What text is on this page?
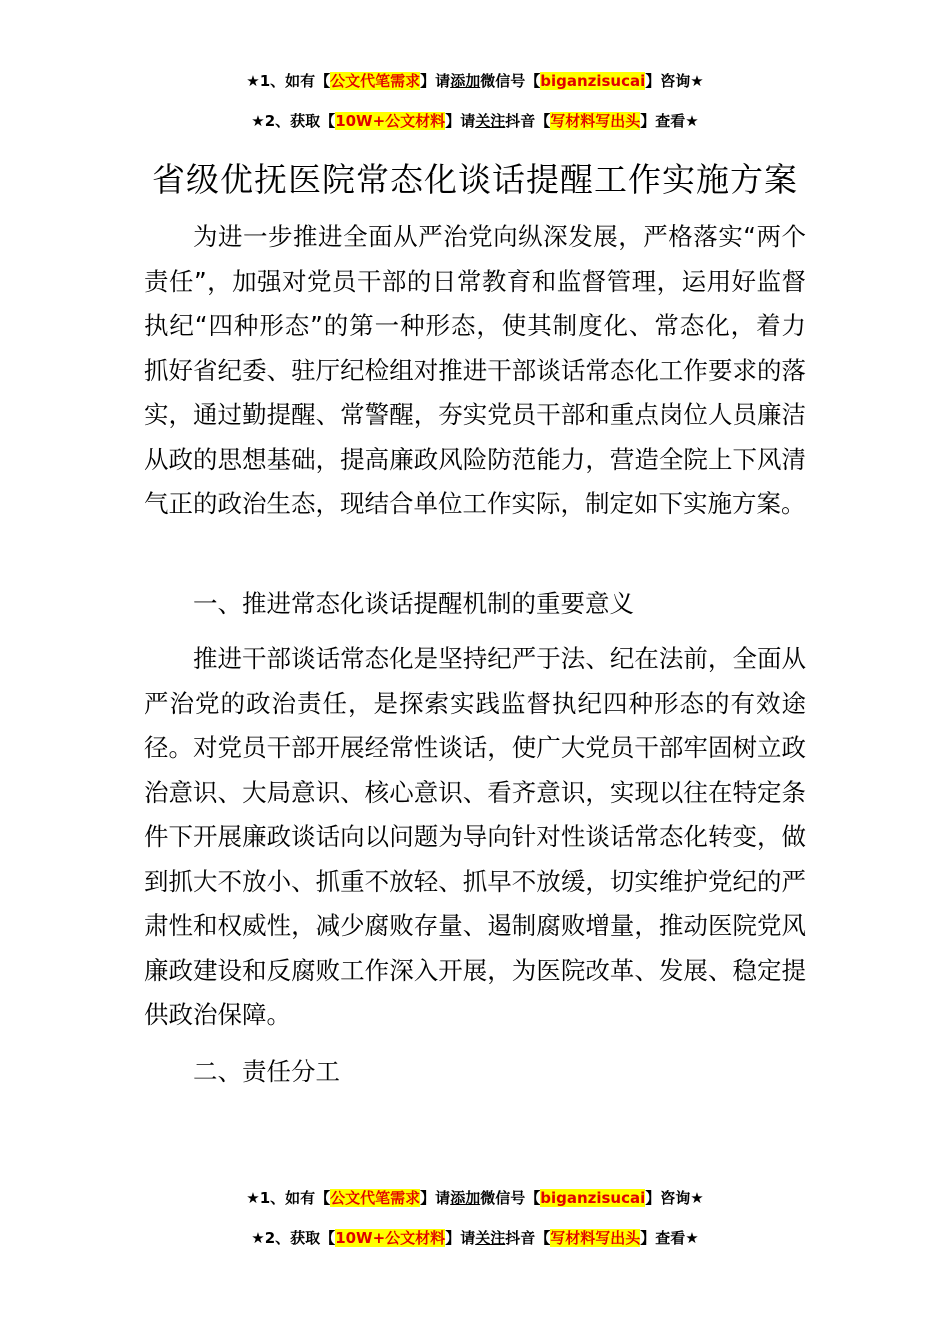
★1、如有【公文代笔需求】请添加微信号【biganzisucai】咨询★
★2、获取【10W+公文材料】请关注抖音【写材料写出头】查看★
省级优抚医院常态化谈话提醒工作实施方案

为进一步推进全面从严治党向纵深发展，严格落实“两个责任”，加强对党员干部的日常教育和监督管理，运用好监督执纪“四种形态”的第一种形态，使其制度化、常态化，着力抓好省纪委、驻厅纪检组对推进干部谈话常态化工作要求的落实，通过勤提醒、常警醒，夯实党员干部和重点岗位人员廉洁从政的思想基础，提高廉政风险防范能力，营造全院上下风清气正的政治生态，现结合单位工作实际，制定如下实施方案。

一、推进常态化谈话提醒机制的重要意义

推进干部谈话常态化是坚持纪严于法、纪在法前，全面从严治党的政治责任，是探索实践监督执纪四种形态的有效途径。对党员干部开展经常性谈话，使广大党员干部牢固树立政治意识、大局意识、核心意识、看齐意识，实现以往在特定条件下开展廉政谈话向以问题为导向针对性谈话常态化转变，做到抓大不放小、抓重不放轻、抓早不放缓，切实维护党纪的严肃性和权威性，减少腐败存量、遏制腐败增量，推动医院党风廉政建设和反腐败工作深入开展，为医院改革、发展、稳定提供政治保障。

二、责任分工

★1、如有【公文代笔需求】请添加微信号【biganzisucai】咨询★
★2、获取【10W+公文材料】请关注抖音【写材料写出头】查看★
